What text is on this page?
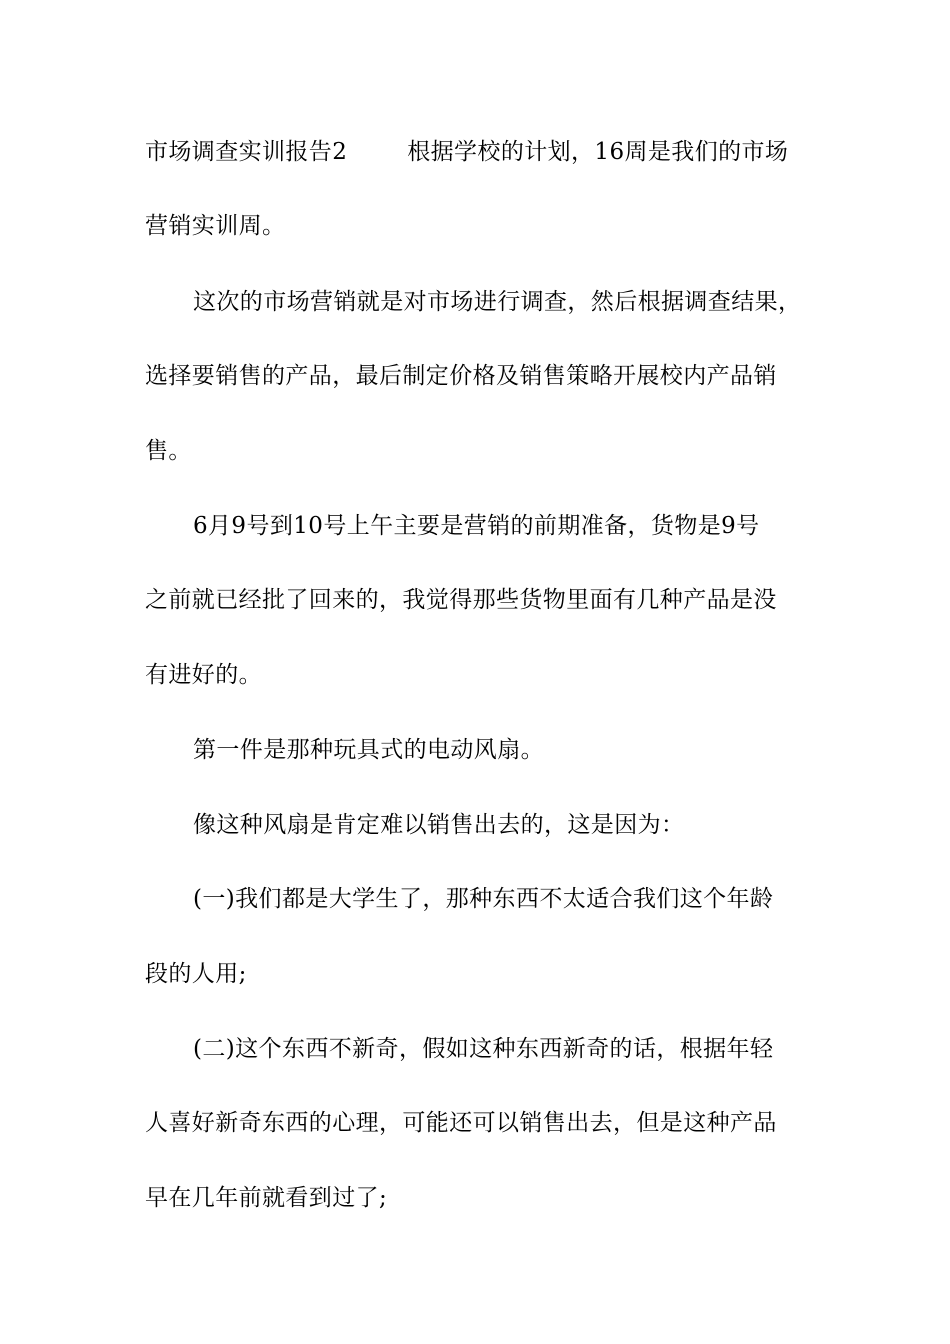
市场调查实训报告2	根据学校的计划，16周是我们的市场
营销实训周。
这次的市场营销就是对市场进行调查，然后根据调查结果，
选择要销售的产品，最后制定价格及销售策略开展校内产品销
售。
6月9号到10号上午主要是营销的前期准备，货物是9号
之前就已经批了回来的，我觉得那些货物里面有几种产品是没
有进好的。
第一件是那种玩具式的电动风扇。
像这种风扇是肯定难以销售出去的，这是因为：
(一)我们都是大学生了，那种东西不太适合我们这个年龄
段的人用;
(二)这个东西不新奇，假如这种东西新奇的话，根据年轻
人喜好新奇东西的心理，可能还可以销售出去，但是这种产品
早在几年前就看到过了;
